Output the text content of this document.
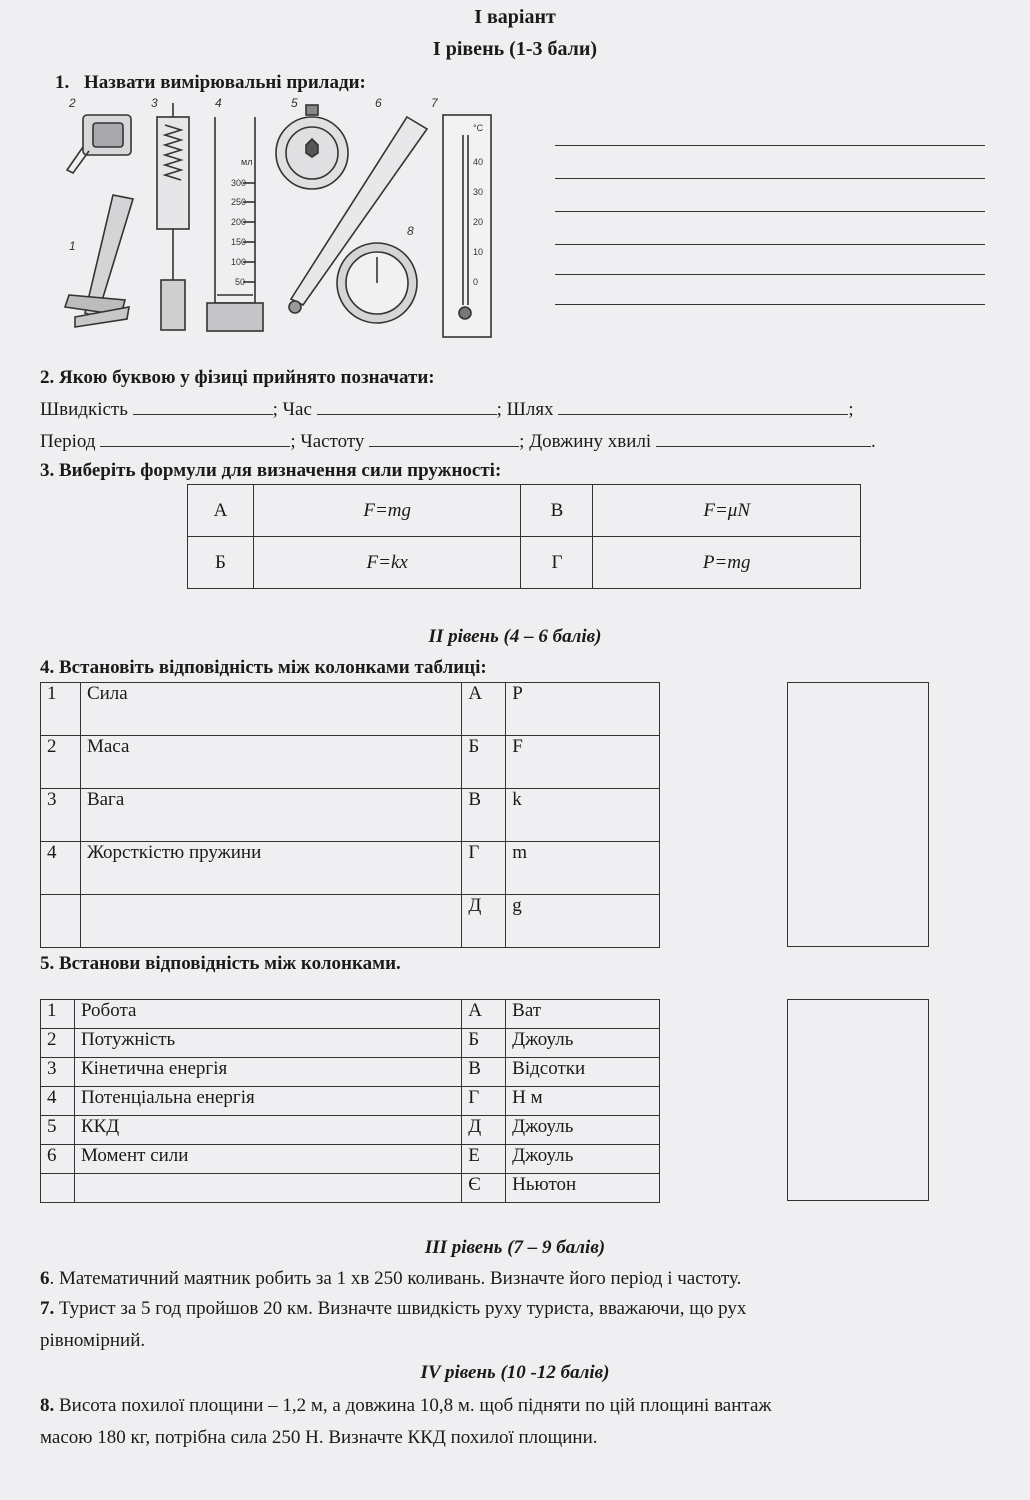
І варіант
І рівень (1-3 бали)
1. Назвати вимірювальні прилади:
1
2	3	4	5	6	7
8
мл
300
250
200
150
100
50
°C
40
30
20
10
0
2. Якою буквою у фізиці прийнято позначати:
Швидкість	; Час	; Шлях	;
Період	; Частоту	; Довжину хвилі	.
3. Виберіть формули для визначення сили пружності:
А	F=mg	В	F=μN
Б	F=kx	Г	P=mg
ІІ рівень (4 – 6 балів)
4. Встановіть відповідність між колонками таблиці:
1	Сила	А	Р
2	Маса	Б	F
3	Вага	В	k
4	Жорсткістю пружини	Г	m
		Д	g
5. Встанови відповідність між колонками.
1	Робота	А	Ват
2	Потужність	Б	Джоуль
3	Кінетична енергія	В	Відсотки
4	Потенціальна енергія	Г	Н м
5	ККД	Д	Джоуль
6	Момент сили	Е	Джоуль
		Є	Ньютон
ІІІ рівень (7 – 9 балів)
6. Математичний маятник робить за 1 хв 250 коливань. Визначте його період і частоту.
7. Турист за 5 год пройшов 20 км. Визначте швидкість руху туриста, вважаючи, що рух
рівномірний.
IV рівень (10 -12 балів)
8. Висота похилої площини – 1,2 м, а довжина 10,8 м. щоб підняти по цій площині вантаж
масою 180 кг, потрібна сила 250 Н. Визначте ККД похилої площини.
